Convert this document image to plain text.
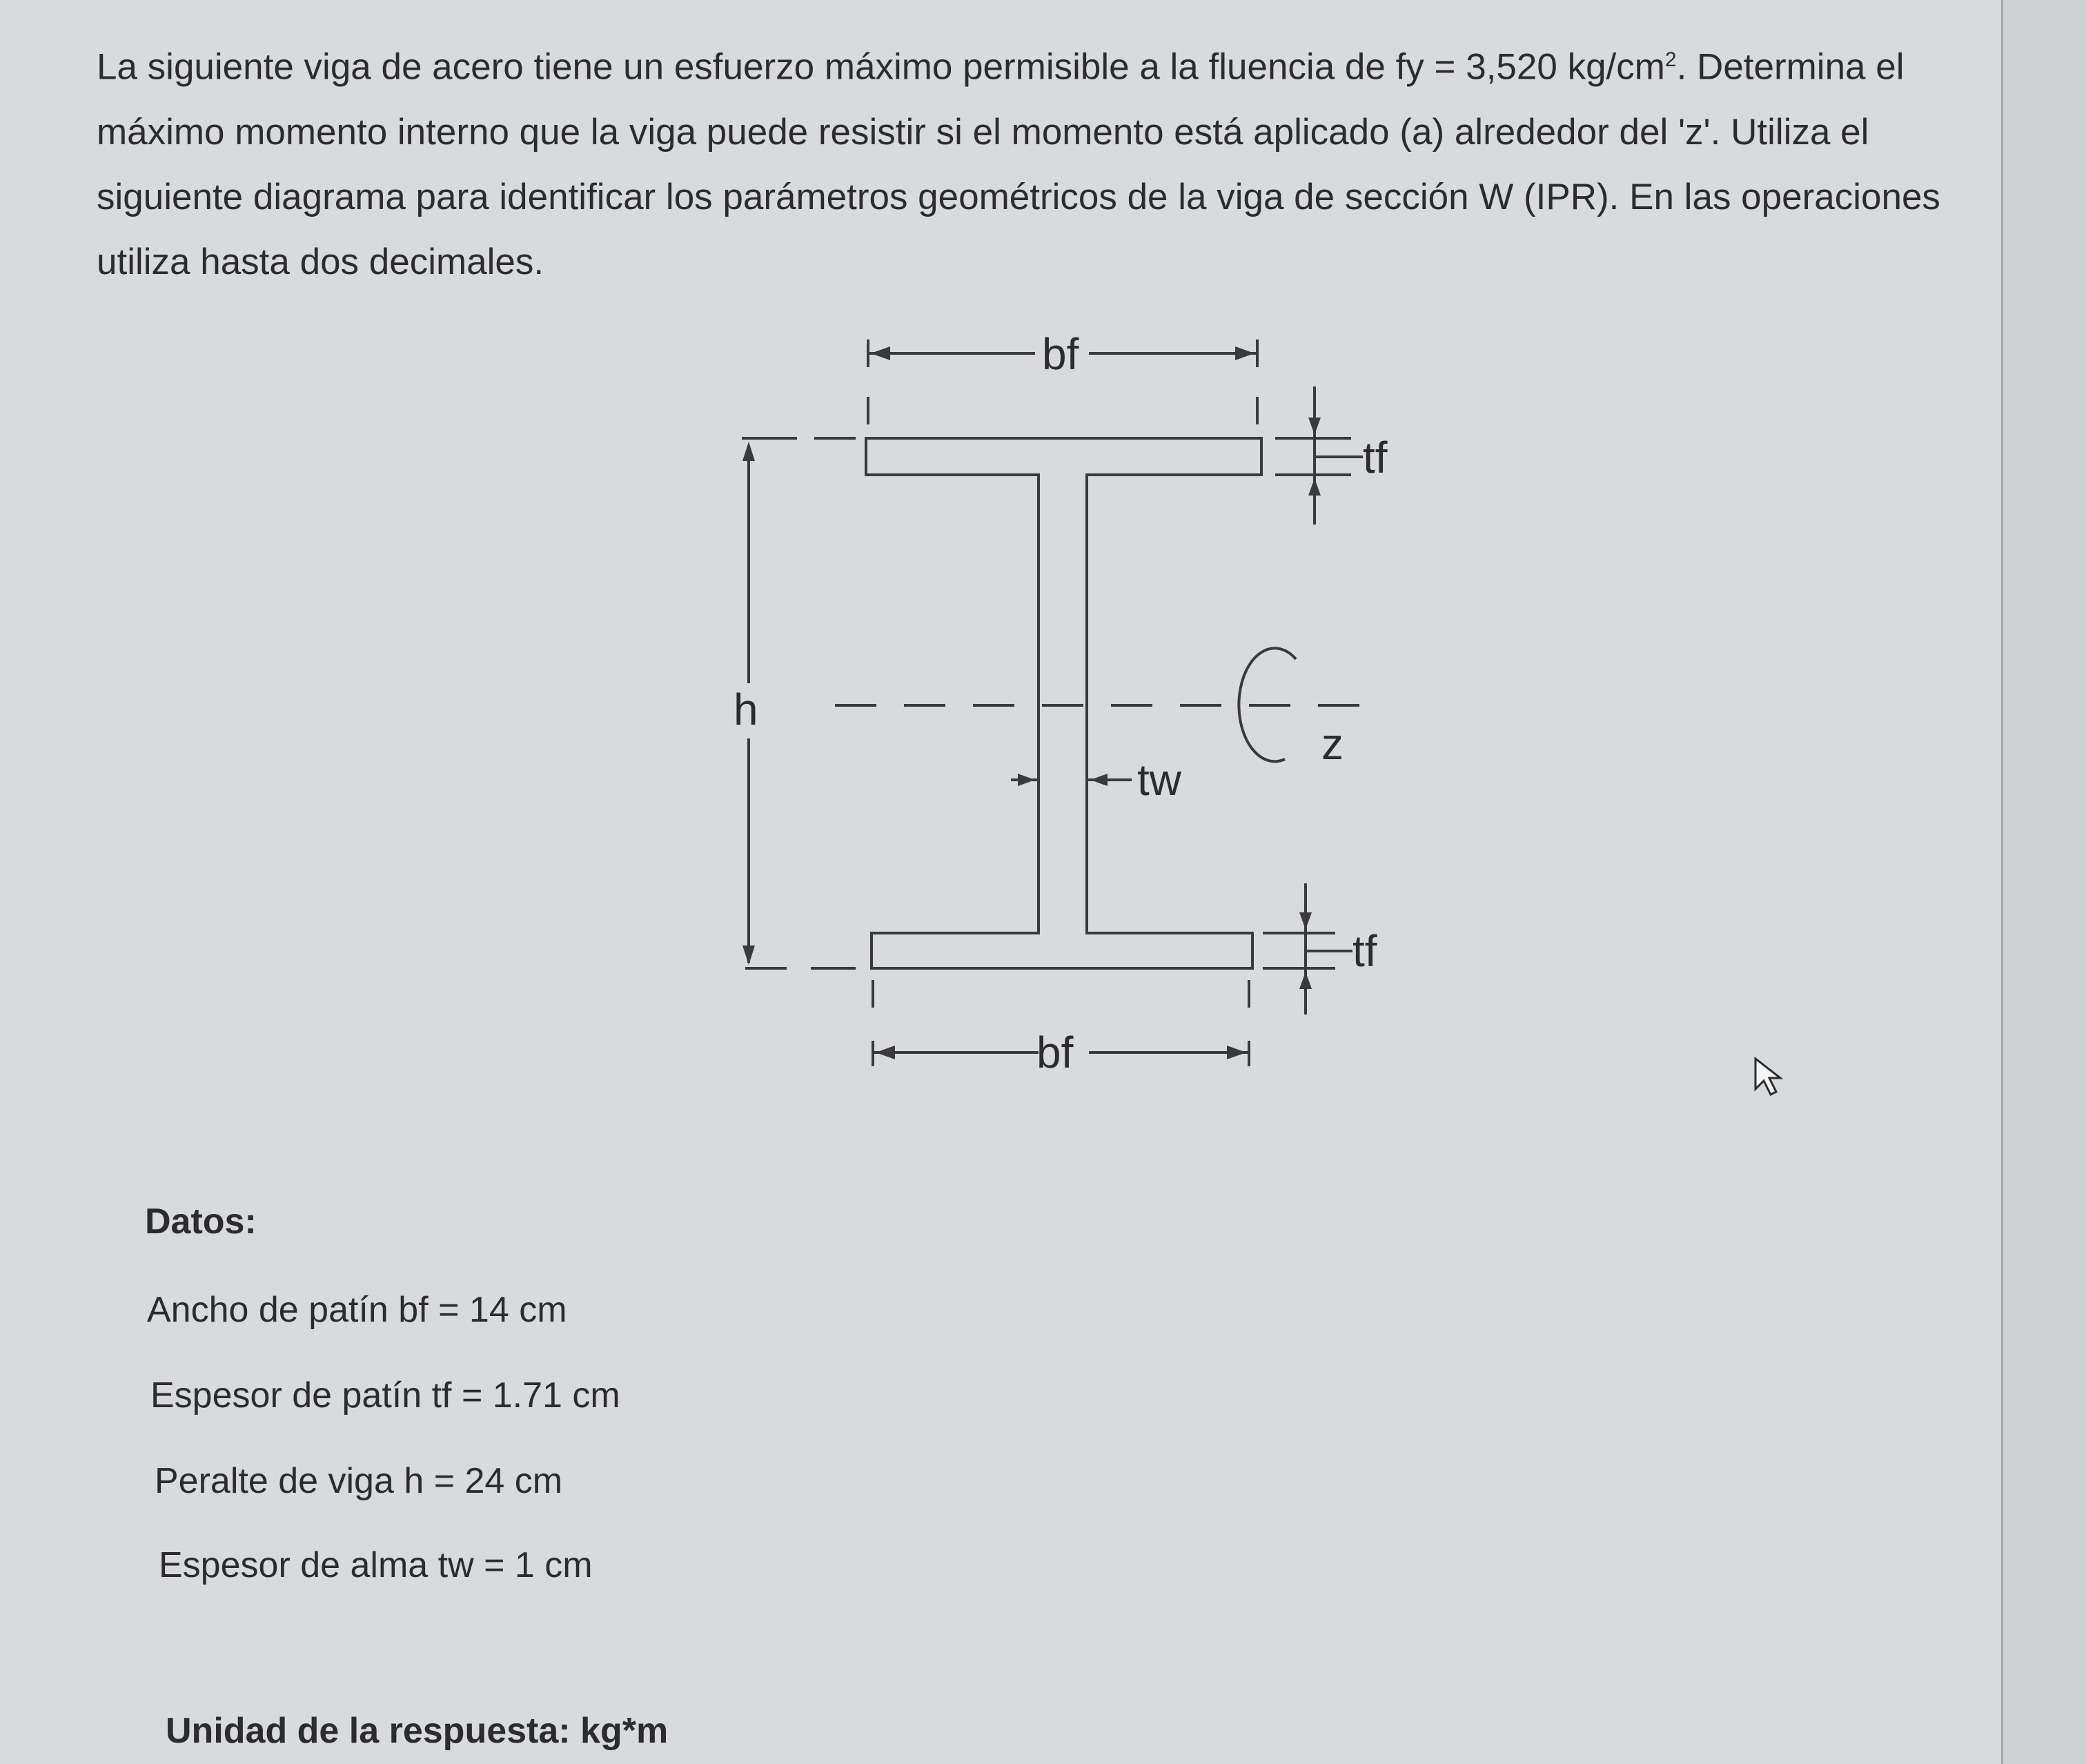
La siguiente viga de acero tiene un esfuerzo máximo permisible a la fluencia de fy = 3,520 $kg/cm^2$. Determina el máximo momento interno que la viga puede resistir si el momento está aplicado (a) alrededor del 'z'. Utiliza el siguiente diagrama para identificar los parámetros geométricos de la viga de sección W (IPR). En las operaciones utiliza hasta dos decimales.
bf
bf
tf
tf
h
tw
z
Datos:
Ancho de patín bf = 14 cm
Espesor de patín tf = 1.71 cm
Peralte de viga h = 24 cm
Espesor de alma tw = 1 cm
Unidad de la respuesta: kg*m
